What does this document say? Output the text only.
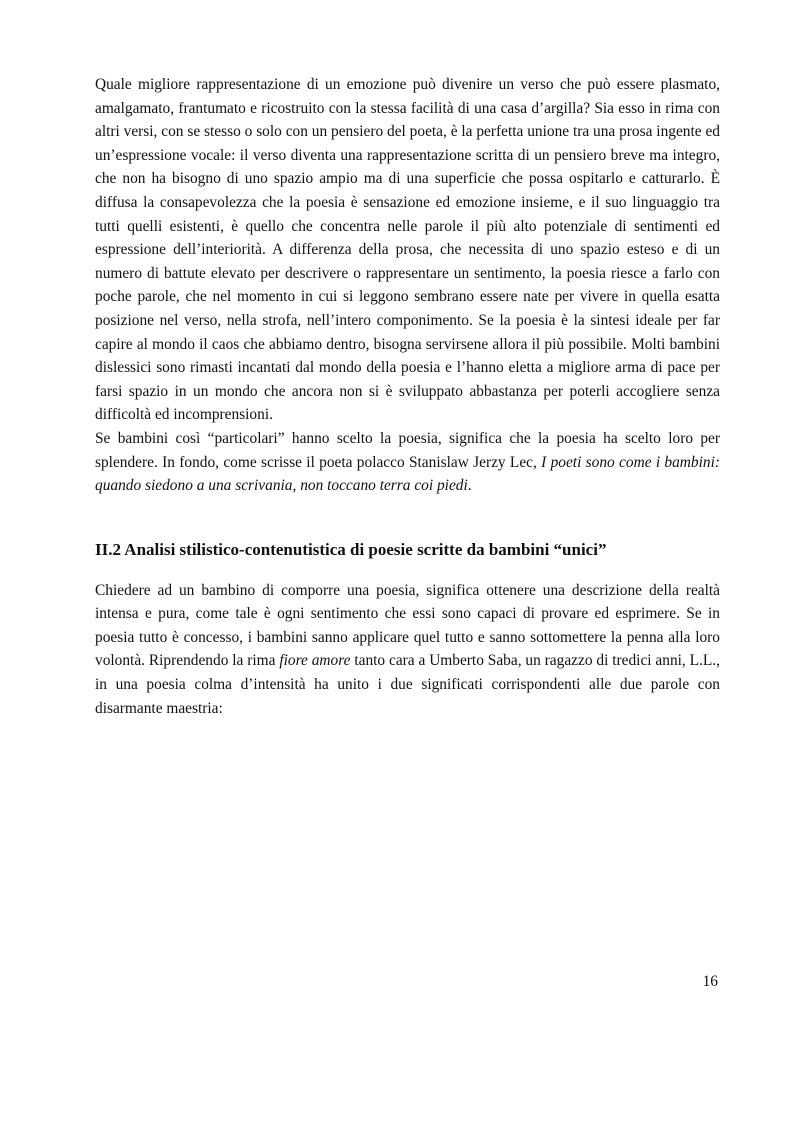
Quale migliore rappresentazione di un emozione può divenire un verso che può essere plasmato, amalgamato, frantumato e ricostruito con la stessa facilità di una casa d’argilla? Sia esso in rima con altri versi, con se stesso o solo con un pensiero del poeta, è la perfetta unione tra una prosa ingente ed un’espressione vocale: il verso diventa una rappresentazione scritta di un pensiero breve ma integro, che non ha bisogno di uno spazio ampio ma di una superficie che possa ospitarlo e catturarlo. È diffusa la consapevolezza che la poesia è sensazione ed emozione insieme, e il suo linguaggio tra tutti quelli esistenti, è quello che concentra nelle parole il più alto potenziale di sentimenti ed espressione dell’interiorità. A differenza della prosa, che necessita di uno spazio esteso e di un numero di battute elevato per descrivere o rappresentare un sentimento, la poesia riesce a farlo con poche parole, che nel momento in cui si leggono sembrano essere nate per vivere in quella esatta posizione nel verso, nella strofa, nell’intero componimento. Se la poesia è la sintesi ideale per far capire al mondo il caos che abbiamo dentro, bisogna servirsene allora il più possibile. Molti bambini dislessici sono rimasti incantati dal mondo della poesia e l’hanno eletta a migliore arma di pace per farsi spazio in un mondo che ancora non si è sviluppato abbastanza per poterli accogliere senza difficoltà ed incomprensioni.

Se bambini così “particolari” hanno scelto la poesia, significa che la poesia ha scelto loro per splendere. In fondo, come scrisse il poeta polacco Stanislaw Jerzy Lec, I poeti sono come i bambini: quando siedono a una scrivania, non toccano terra coi piedi.

II.2 Analisi stilistico-contenutistica di poesie scritte da bambini “unici”

Chiedere ad un bambino di comporre una poesia, significa ottenere una descrizione della realtà intensa e pura, come tale è ogni sentimento che essi sono capaci di provare ed esprimere. Se in poesia tutto è concesso, i bambini sanno applicare quel tutto e sanno sottomettere la penna alla loro volontà. Riprendendo la rima fiore amore tanto cara a Umberto Saba, un ragazzo di tredici anni, L.L., in una poesia colma d’intensità ha unito i due significati corrispondenti alle due parole con disarmante maestria:

16
